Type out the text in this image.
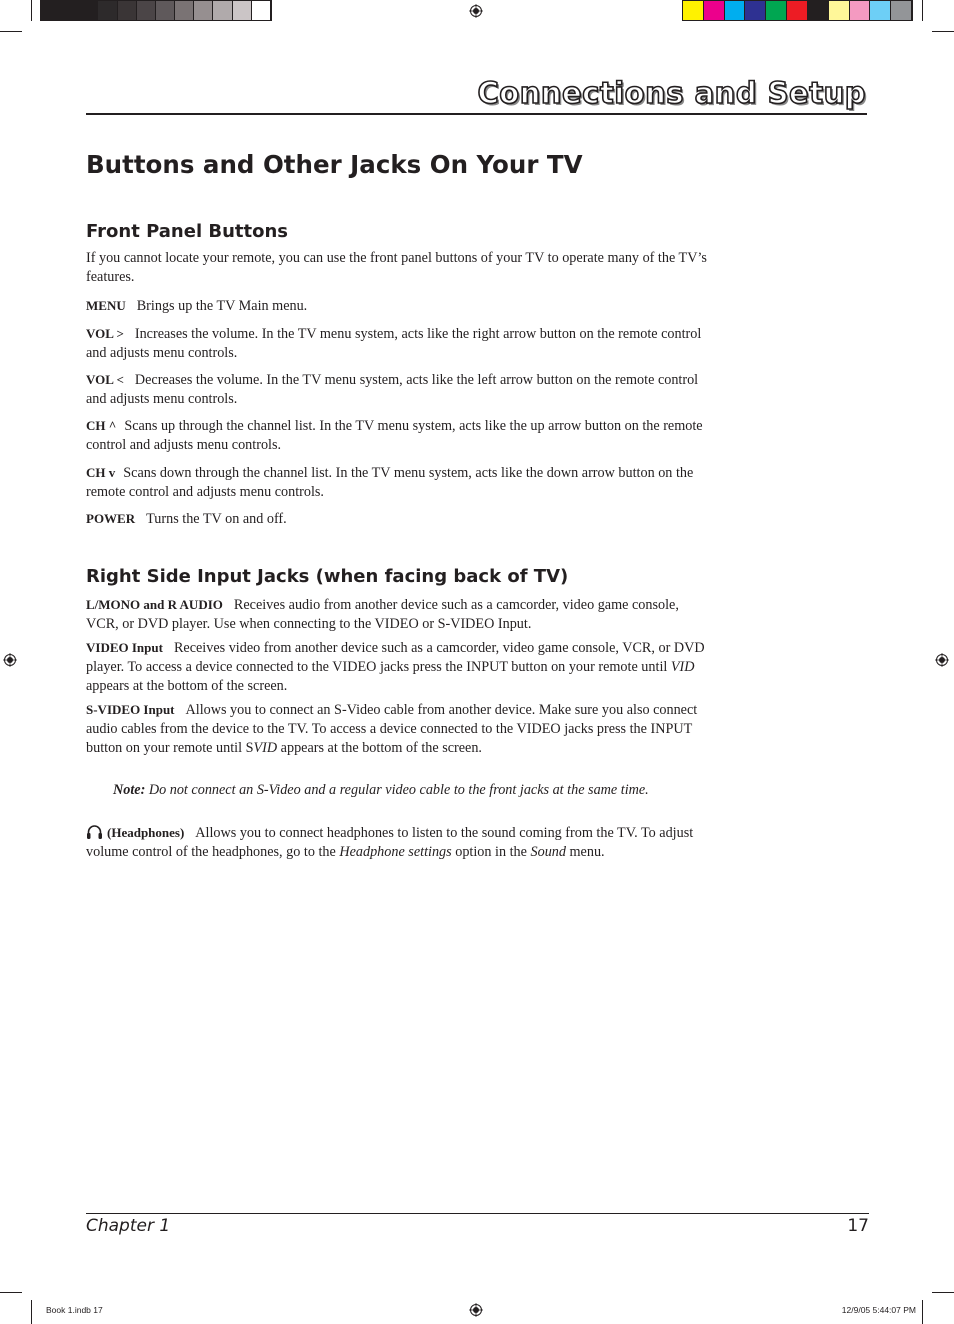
Connections and Setup
Buttons and Other Jacks On Your TV
Front Panel Buttons

If you cannot locate your remote, you can use the front panel buttons of your TV to operate many of the TV’s features.

MENU Brings up the TV Main menu.

VOL > Increases the volume. In the TV menu system, acts like the right arrow button on the remote control and adjusts menu controls.

VOL < Decreases the volume. In the TV menu system, acts like the left arrow button on the remote control and adjusts menu controls.

CH ^ Scans up through the channel list. In the TV menu system, acts like the up arrow button on the remote control and adjusts menu controls.

CH v Scans down through the channel list. In the TV menu system, acts like the down arrow button on the remote control and adjusts menu controls.

POWER Turns the TV on and off.

Right Side Input Jacks (when facing back of TV)

L/MONO and R AUDIO Receives audio from another device such as a camcorder, video game console, VCR, or DVD player. Use when connecting to the VIDEO or S-VIDEO Input.

VIDEO Input Receives video from another device such as a camcorder, video game console, VCR, or DVD player. To access a device connected to the VIDEO jacks press the INPUT button on your remote until VID appears at the bottom of the screen.

S-VIDEO Input Allows you to connect an S-Video cable from another device. Make sure you also connect audio cables from the device to the TV. To access a device connected to the VIDEO jacks press the INPUT button on your remote until SVID appears at the bottom of the screen.

Note: Do not connect an S-Video and a regular video cable to the front jacks at the same time.

(Headphones) Allows you to connect headphones to listen to the sound coming from the TV. To adjust volume control of the headphones, go to the Headphone settings option in the Sound menu.

Chapter 1	17
Book 1.indb 17	12/9/05 5:44:07 PM
